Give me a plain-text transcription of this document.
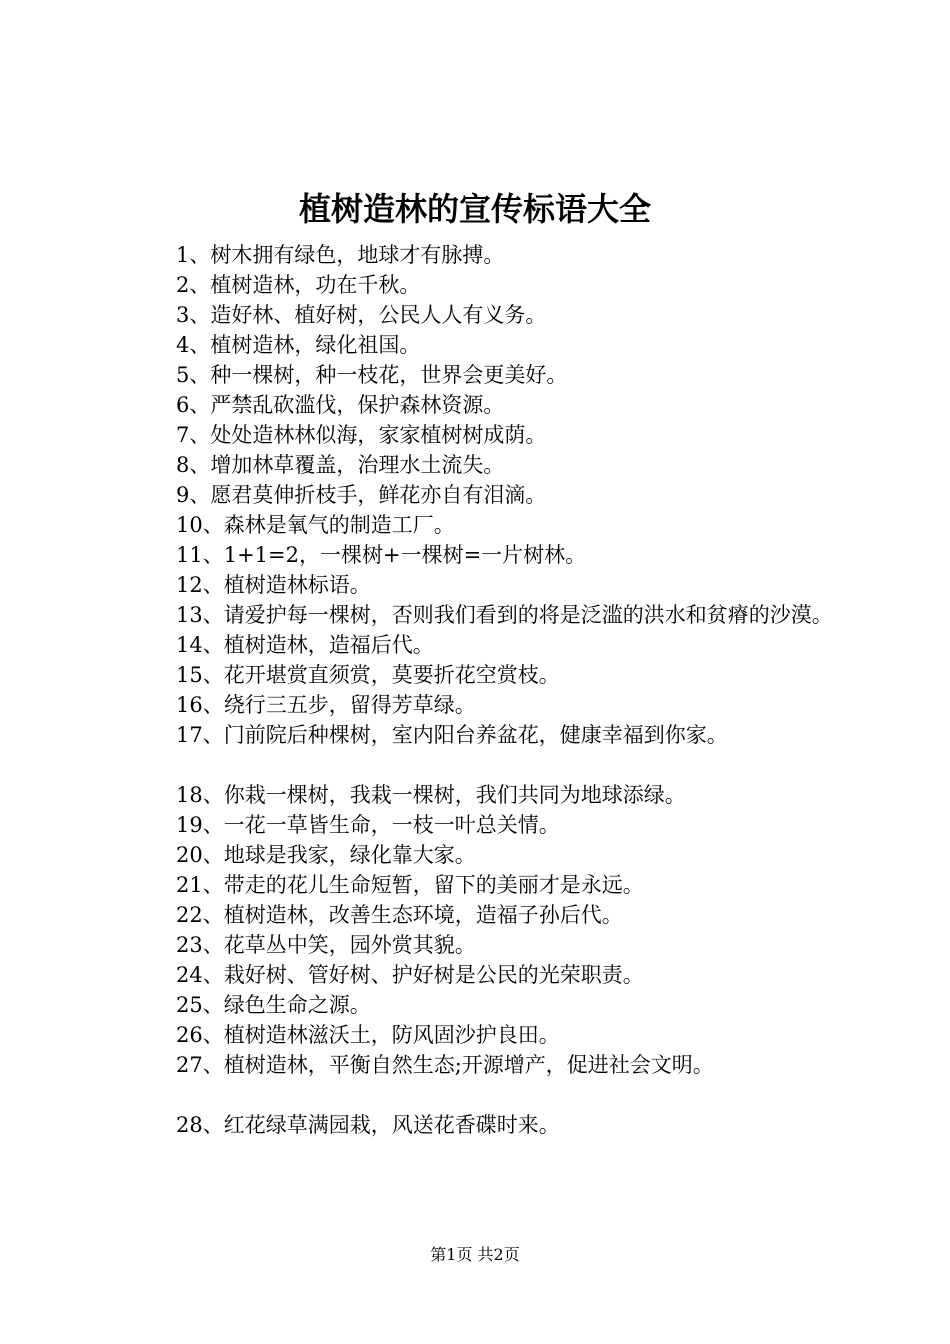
植树造林的宣传标语大全
1、树木拥有绿色，地球才有脉搏。
2、植树造林，功在千秋。
3、造好林、植好树，公民人人有义务。
4、植树造林，绿化祖国。
5、种一棵树，种一枝花，世界会更美好。
6、严禁乱砍滥伐，保护森林资源。
7、处处造林林似海，家家植树树成荫。
8、增加林草覆盖，治理水土流失。
9、愿君莫伸折枝手，鲜花亦自有泪滴。
10、森林是氧气的制造工厂。
11、1+1=2，一棵树+一棵树=一片树林。
12、植树造林标语。
13、请爱护每一棵树，否则我们看到的将是泛滥的洪水和贫瘠的沙漠。
14、植树造林，造福后代。
15、花开堪赏直须赏，莫要折花空赏枝。
16、绕行三五步，留得芳草绿。
17、门前院后种棵树，室内阳台养盆花，健康幸福到你家。
18、你栽一棵树，我栽一棵树，我们共同为地球添绿。
19、一花一草皆生命，一枝一叶总关情。
20、地球是我家，绿化靠大家。
21、带走的花儿生命短暂，留下的美丽才是永远。
22、植树造林，改善生态环境，造福子孙后代。
23、花草丛中笑，园外赏其貌。
24、栽好树、管好树、护好树是公民的光荣职责。
25、绿色生命之源。
26、植树造林滋沃土，防风固沙护良田。
27、植树造林，平衡自然生态;开源增产，促进社会文明。
28、红花绿草满园栽，风送花香碟时来。
第1页 共2页
